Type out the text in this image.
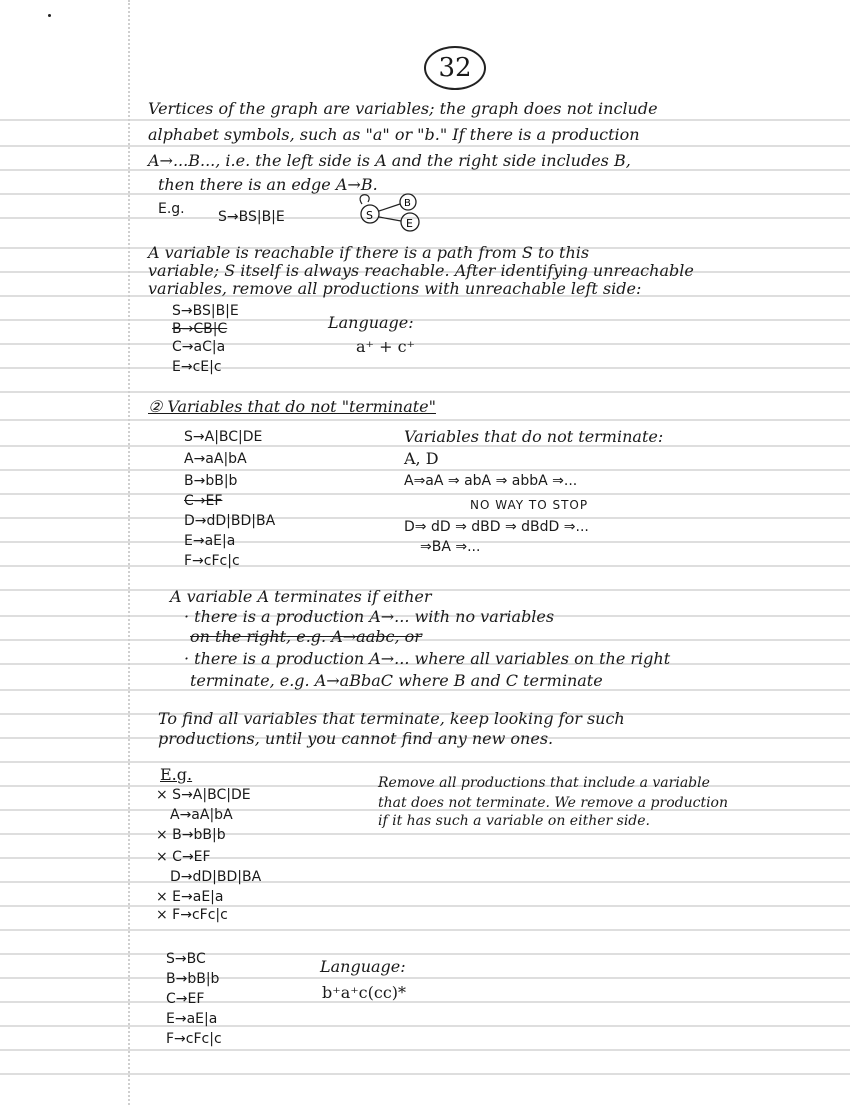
32
Vertices of the graph are variables; the graph does not include
alphabet symbols, such as "a" or "b." If there is a production
A→...B..., i.e. the left side is A and the right side includes B,
then there is an edge A→B.
E.g. S→BS|B|E	S
B
E
A variable is reachable if there is a path from S to this
variable; S itself is always reachable. After identifying unreachable
variables, remove all productions with unreachable left side:
S→BS|B|E
B→CB|C
C→aC|a
E→cE|c
Language:
a⁺ + c⁺
② Variables that do not "terminate"
S→A|BC|DE
A→aA|bA
B→bB|b
C→EF
D→dD|BD|BA
E→aE|a
F→cFc|c
Variables that do not terminate:
A, D
A⇒aA ⇒ abA ⇒ abbA ⇒...
NO WAY TO STOP
D⇒ dD ⇒ dBD ⇒ dBdD ⇒...
⇒BA ⇒...
A variable A terminates if either
· there is a production A→... with no variables
on the right, e.g. A→aabc, or
· there is a production A→... where all variables on the right
terminate, e.g. A→aBbaC where B and C terminate
To find all variables that terminate, keep looking for such
productions, until you cannot find any new ones.
E.g.
× S→A|BC|DE
A→aA|bA
× B→bB|b
× C→EF
D→dD|BD|BA
× E→aE|a
× F→cFc|c
Remove all productions that include a variable
that does not terminate. We remove a production
if it has such a variable on either side.
S→BC
B→bB|b
C→EF
E→aE|a
F→cFc|c
Language:
b⁺a⁺c(cc)*
